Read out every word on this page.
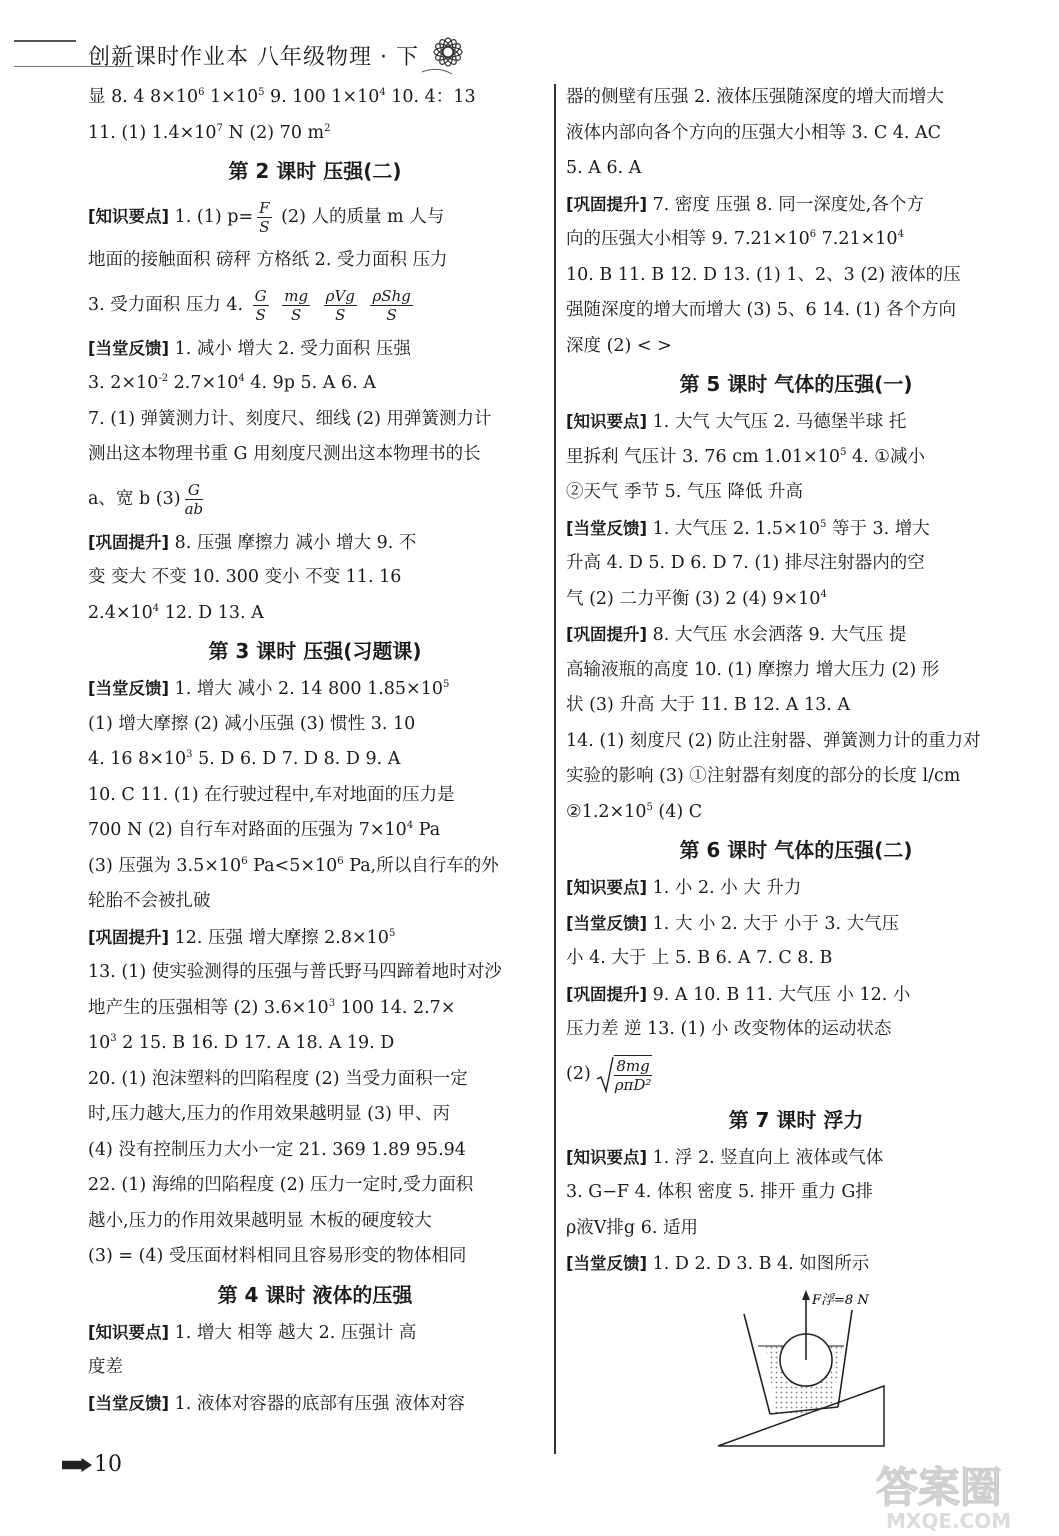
创新课时作业本 八年级物理 · 下
显 8. 4 $8\times 10^6$ $1\times 10^5$ 9. 100 $1\times 10^4$ 10. 4：13
11. (1) $1.4\times 10^7$ N (2) 70 $m^2$
第 2 课时 压强(二)
[知识要点] 1. (1) $p= \frac{F}{S} (2)$ 人的质量 m 人与
地面的接触面积 磅秤 方格纸 2. 受力面积 压力
3. 受力面积 压力 4. $\frac{G}{S}$
$\frac{mg}{S}$
$\frac{\text{ρVg}}{S}$
$\frac{\text{ρShg}}{S}$
[当堂反馈] 1. 减小 增大 2. 受力面积 压强
3. $2\times 10^{-2}$ $2.7\times 10^4$ 4. 9p 5. A 6. A
7. (1) 弹簧测力计、刻度尺、细线 (2) 用弹簧测力计
测出这本物理书重 G 用刻度尺测出这本物理书的长
a、宽 b $(3) \frac{G}{ab}$
[巩固提升] 8. 压强 摩擦力 减小 增大 9. 不
变 变大 不变 10. 300 变小 不变 11. 16
$2.4\times 10^4$ 12. D 13. A
第 3 课时 压强(习题课)
[当堂反馈] 1. 增大 减小 2. 14 800 $1.85\times 10^5$
(1) 增大摩擦 (2) 减小压强 (3) 惯性 3. 10
4. 16 $8\times 10^3$ 5. D 6. D 7. D 8. D 9. A
10. C 11. (1) 在行驶过程中,车对地面的压力是
700 N (2) 自行车对路面的压强为 $7\times 10^4$ Pa
(3) 压强为 $3.5\times 10^6$ $Pa<5\times 10^6$ Pa,所以自行车的外
轮胎不会被扎破
[巩固提升] 12. 压强 增大摩擦 $2.8\times 10^5$
13. (1) 使实验测得的压强与普氏野马四蹄着地时对沙
地产生的压强相等 (2) $3.6\times 10^3$ 100 14. 2.7×
$10^3$ 2 15. B 16. D 17. A 18. A 19. D
20. (1) 泡沫塑料的凹陷程度 (2) 当受力面积一定
时,压力越大,压力的作用效果越明显 (3) 甲、丙
(4) 没有控制压力大小一定 21. 369 1.89 95.94
22. (1) 海绵的凹陷程度 (2) 压力一定时,受力面积
越小,压力的作用效果越明显 木板的硬度较大
(3) = (4) 受压面材料相同且容易形变的物体相同
第 4 课时 液体的压强
[知识要点] 1. 增大 相等 越大 2. 压强计 高
度差
[当堂反馈] 1. 液体对容器的底部有压强 液体对容
器的侧壁有压强 2. 液体压强随深度的增大而增大
液体内部向各个方向的压强大小相等 3. C 4. AC
5. A 6. A
[巩固提升] 7. 密度 压强 8. 同一深度处,各个方
向的压强大小相等 9. $7.21\times 10^6$ $7.21\times 10^4$
10. B 11. B 12. D 13. (1) 1、2、3 (2) 液体的压
强随深度的增大而增大 (3) 5、6 14. (1) 各个方向
深度 (2) < >
第 5 课时 气体的压强(一)
[知识要点] 1. 大气 大气压 2. 马德堡半球 托
里拆利 气压计 3. 76 cm $1.01\times 10^5$ 4. ①减小
②天气 季节 5. 气压 降低 升高
[当堂反馈] 1. 大气压 2. $1.5\times 10^5$ 等于 3. 增大
升高 4. D 5. D 6. D 7. (1) 排尽注射器内的空
气 (2) 二力平衡 (3) 2 (4) $9\times 10^4$
[巩固提升] 8. 大气压 水会洒落 9. 大气压 提
高输液瓶的高度 10. (1) 摩擦力 增大压力 (2) 形
状 (3) 升高 大于 11. B 12. A 13. A
14. (1) 刻度尺 (2) 防止注射器、弹簧测力计的重力对
实验的影响 (3) ①注射器有刻度的部分的长度 l/cm
$②1.2\times 10^5$ (4) C
第 6 课时 气体的压强(二)
[知识要点] 1. 小 2. 小 大 升力
[当堂反馈] 1. 大 小 2. 大于 小于 3. 大气压
小 4. 大于 上 5. B 6. A 7. C 8. B
[巩固提升] 9. A 10. B 11. 大气压 小 12. 小
压力差 逆 13. (1) 小 改变物体的运动状态
$(2) \frac{8mg}{\text{ρπD²}}$
第 7 课时 浮力
[知识要点] 1. 浮 2. 竖直向上 液体或气体
3. G−F 4. 体积 密度 5. 排开 重力 G排
ρ液V排g 6. 适用
[当堂反馈] 1. D 2. D 3. B 4. 如图所示
F浮=8 N
10	答案圈
MXQE.COM
